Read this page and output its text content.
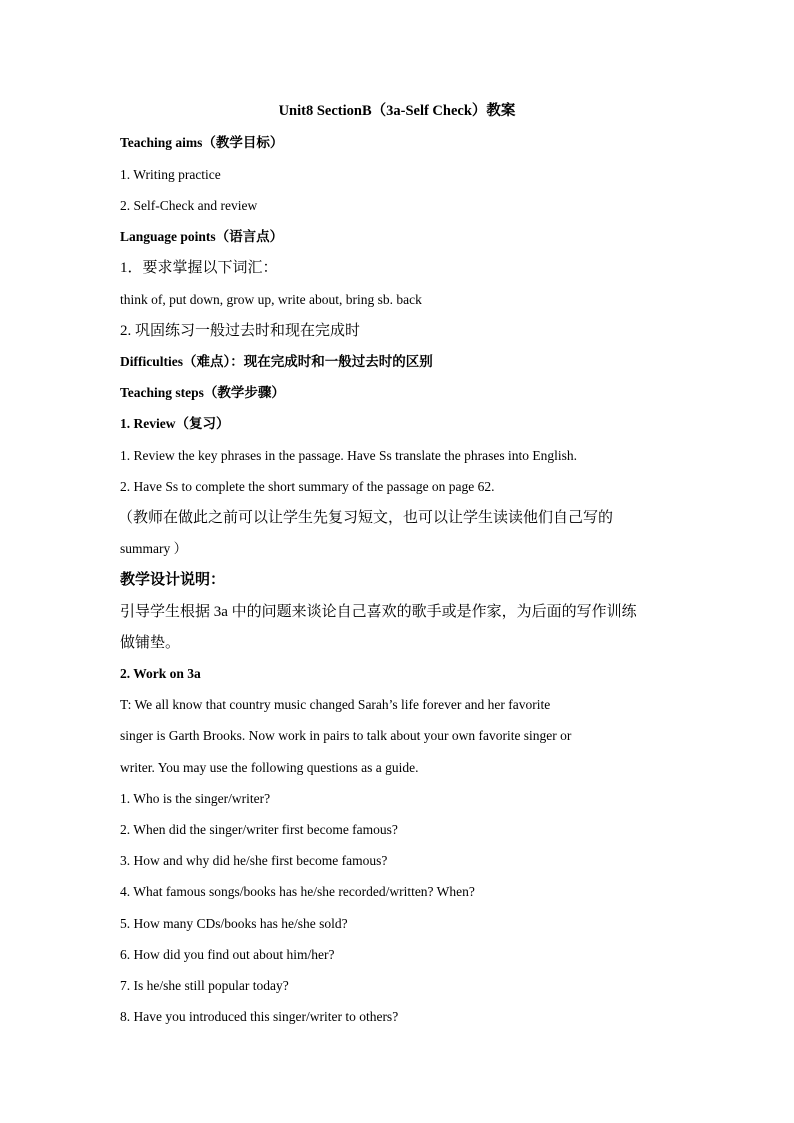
Unit8 SectionB（3a-Self Check）教案
Teaching aims（教学目标）
1. Writing practice
2. Self-Check and review
Language points（语言点）
1．要求掌握以下词汇：
think of, put down, grow up, write about, bring sb. back
2. 巩固练习一般过去时和现在完成时
Difficulties（难点）：现在完成时和一般过去时的区别
Teaching steps（教学步骤）
1. Review（复习）
1. Review the key phrases in the passage. Have Ss translate the phrases into English.
2. Have Ss to complete the short summary of the passage on page 62.
（教师在做此之前可以让学生先复习短文，也可以让学生读读他们自己写的
summary ）
教学设计说明：
引导学生根据 3a 中的问题来谈论自己喜欢的歌手或是作家，为后面的写作训练
做铺垫。
2. Work on 3a
T: We all know that country music changed Sarah’s life forever and her favorite
singer is Garth Brooks. Now work in pairs to talk about your own favorite singer or
writer. You may use the following questions as a guide.
1. Who is the singer/writer?
2. When did the singer/writer first become famous?
3. How and why did he/she first become famous?
4. What famous songs/books has he/she recorded/written? When?
5. How many CDs/books has he/she sold?
6. How did you find out about him/her?
7. Is he/she still popular today?
8. Have you introduced this singer/writer to others?
